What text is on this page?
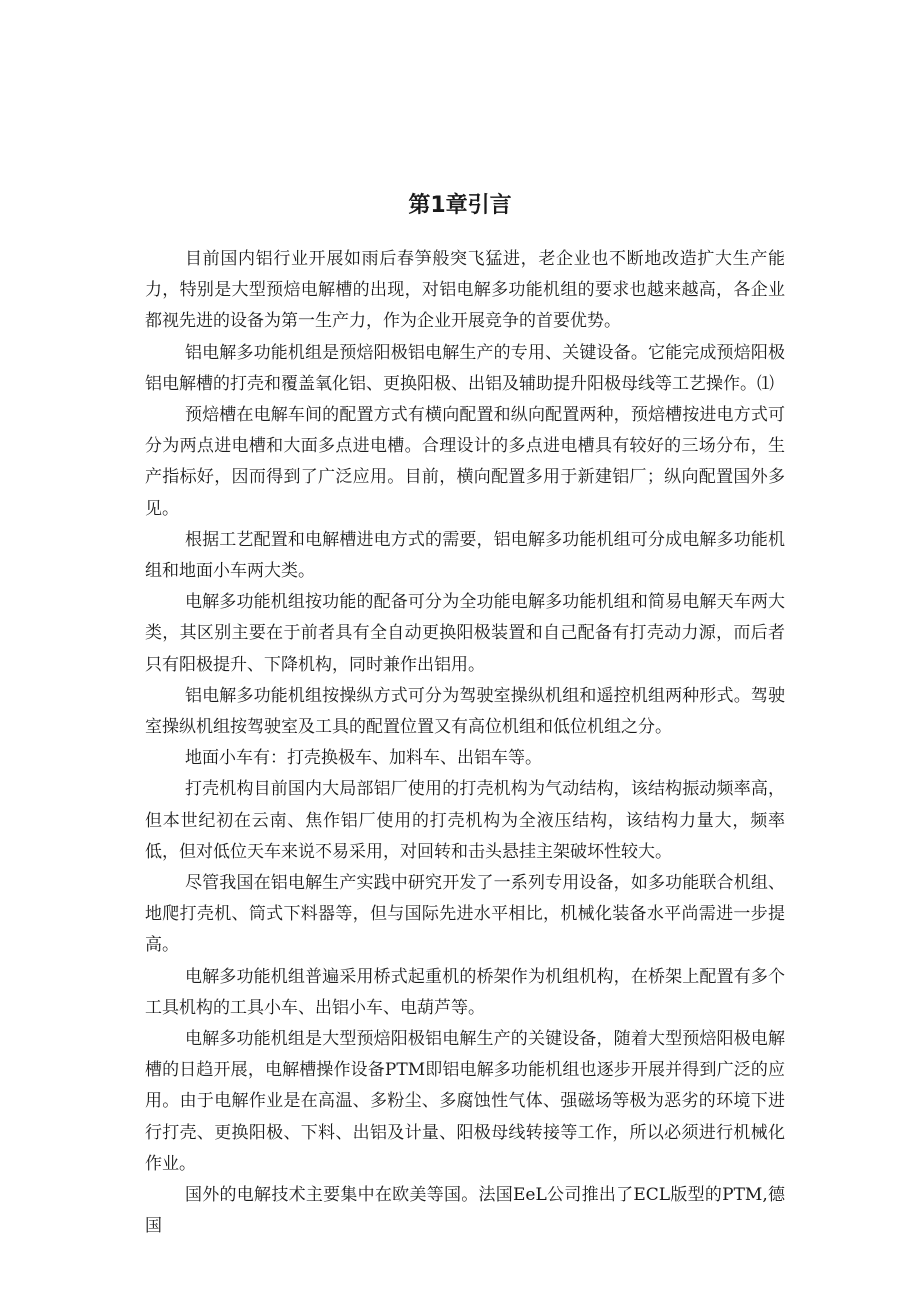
第1章引言

目前国内铝行业开展如雨后春笋般突飞猛进，老企业也不断地改造扩大生产能力，特别是大型预焙电解槽的出现，对铝电解多功能机组的要求也越来越高，各企业都视先进的设备为第一生产力，作为企业开展竞争的首要优势。

铝电解多功能机组是预焙阳极铝电解生产的专用、关键设备。它能完成预焙阳极铝电解槽的打壳和覆盖氧化铝、更换阳极、出铝及辅助提升阳极母线等工艺操作。⑴

预焙槽在电解车间的配置方式有横向配置和纵向配置两种，预焙槽按进电方式可分为两点进电槽和大面多点进电槽。合理设计的多点进电槽具有较好的三场分布，生产指标好，因而得到了广泛应用。目前，横向配置多用于新建铝厂；纵向配置国外多见。

根据工艺配置和电解槽进电方式的需要，铝电解多功能机组可分成电解多功能机组和地面小车两大类。

电解多功能机组按功能的配备可分为全功能电解多功能机组和简易电解天车两大类，其区别主要在于前者具有全自动更换阳极装置和自己配备有打壳动力源，而后者只有阳极提升、下降机构，同时兼作出铝用。

铝电解多功能机组按操纵方式可分为驾驶室操纵机组和遥控机组两种形式。驾驶室操纵机组按驾驶室及工具的配置位置又有高位机组和低位机组之分。

地面小车有：打壳换极车、加料车、出铝车等。

打壳机构目前国内大局部铝厂使用的打壳机构为气动结构，该结构振动频率高，但本世纪初在云南、焦作铝厂使用的打壳机构为全液压结构，该结构力量大，频率低，但对低位天车来说不易采用，对回转和击头悬挂主架破坏性较大。

尽管我国在铝电解生产实践中研究开发了一系列专用设备，如多功能联合机组、地爬打壳机、筒式下料器等，但与国际先进水平相比，机械化装备水平尚需进一步提高。

电解多功能机组普遍采用桥式起重机的桥架作为机组机构，在桥架上配置有多个工具机构的工具小车、出铝小车、电葫芦等。

电解多功能机组是大型预焙阳极铝电解生产的关键设备，随着大型预焙阳极电解槽的日趋开展，电解槽操作设备PTM即铝电解多功能机组也逐步开展并得到广泛的应用。由于电解作业是在高温、多粉尘、多腐蚀性气体、强磁场等极为恶劣的环境下进行打壳、更换阳极、下料、出铝及计量、阳极母线转接等工作，所以必须进行机械化作业。

国外的电解技术主要集中在欧美等国。法国EeL公司推出了ECL版型的PTM,德国
